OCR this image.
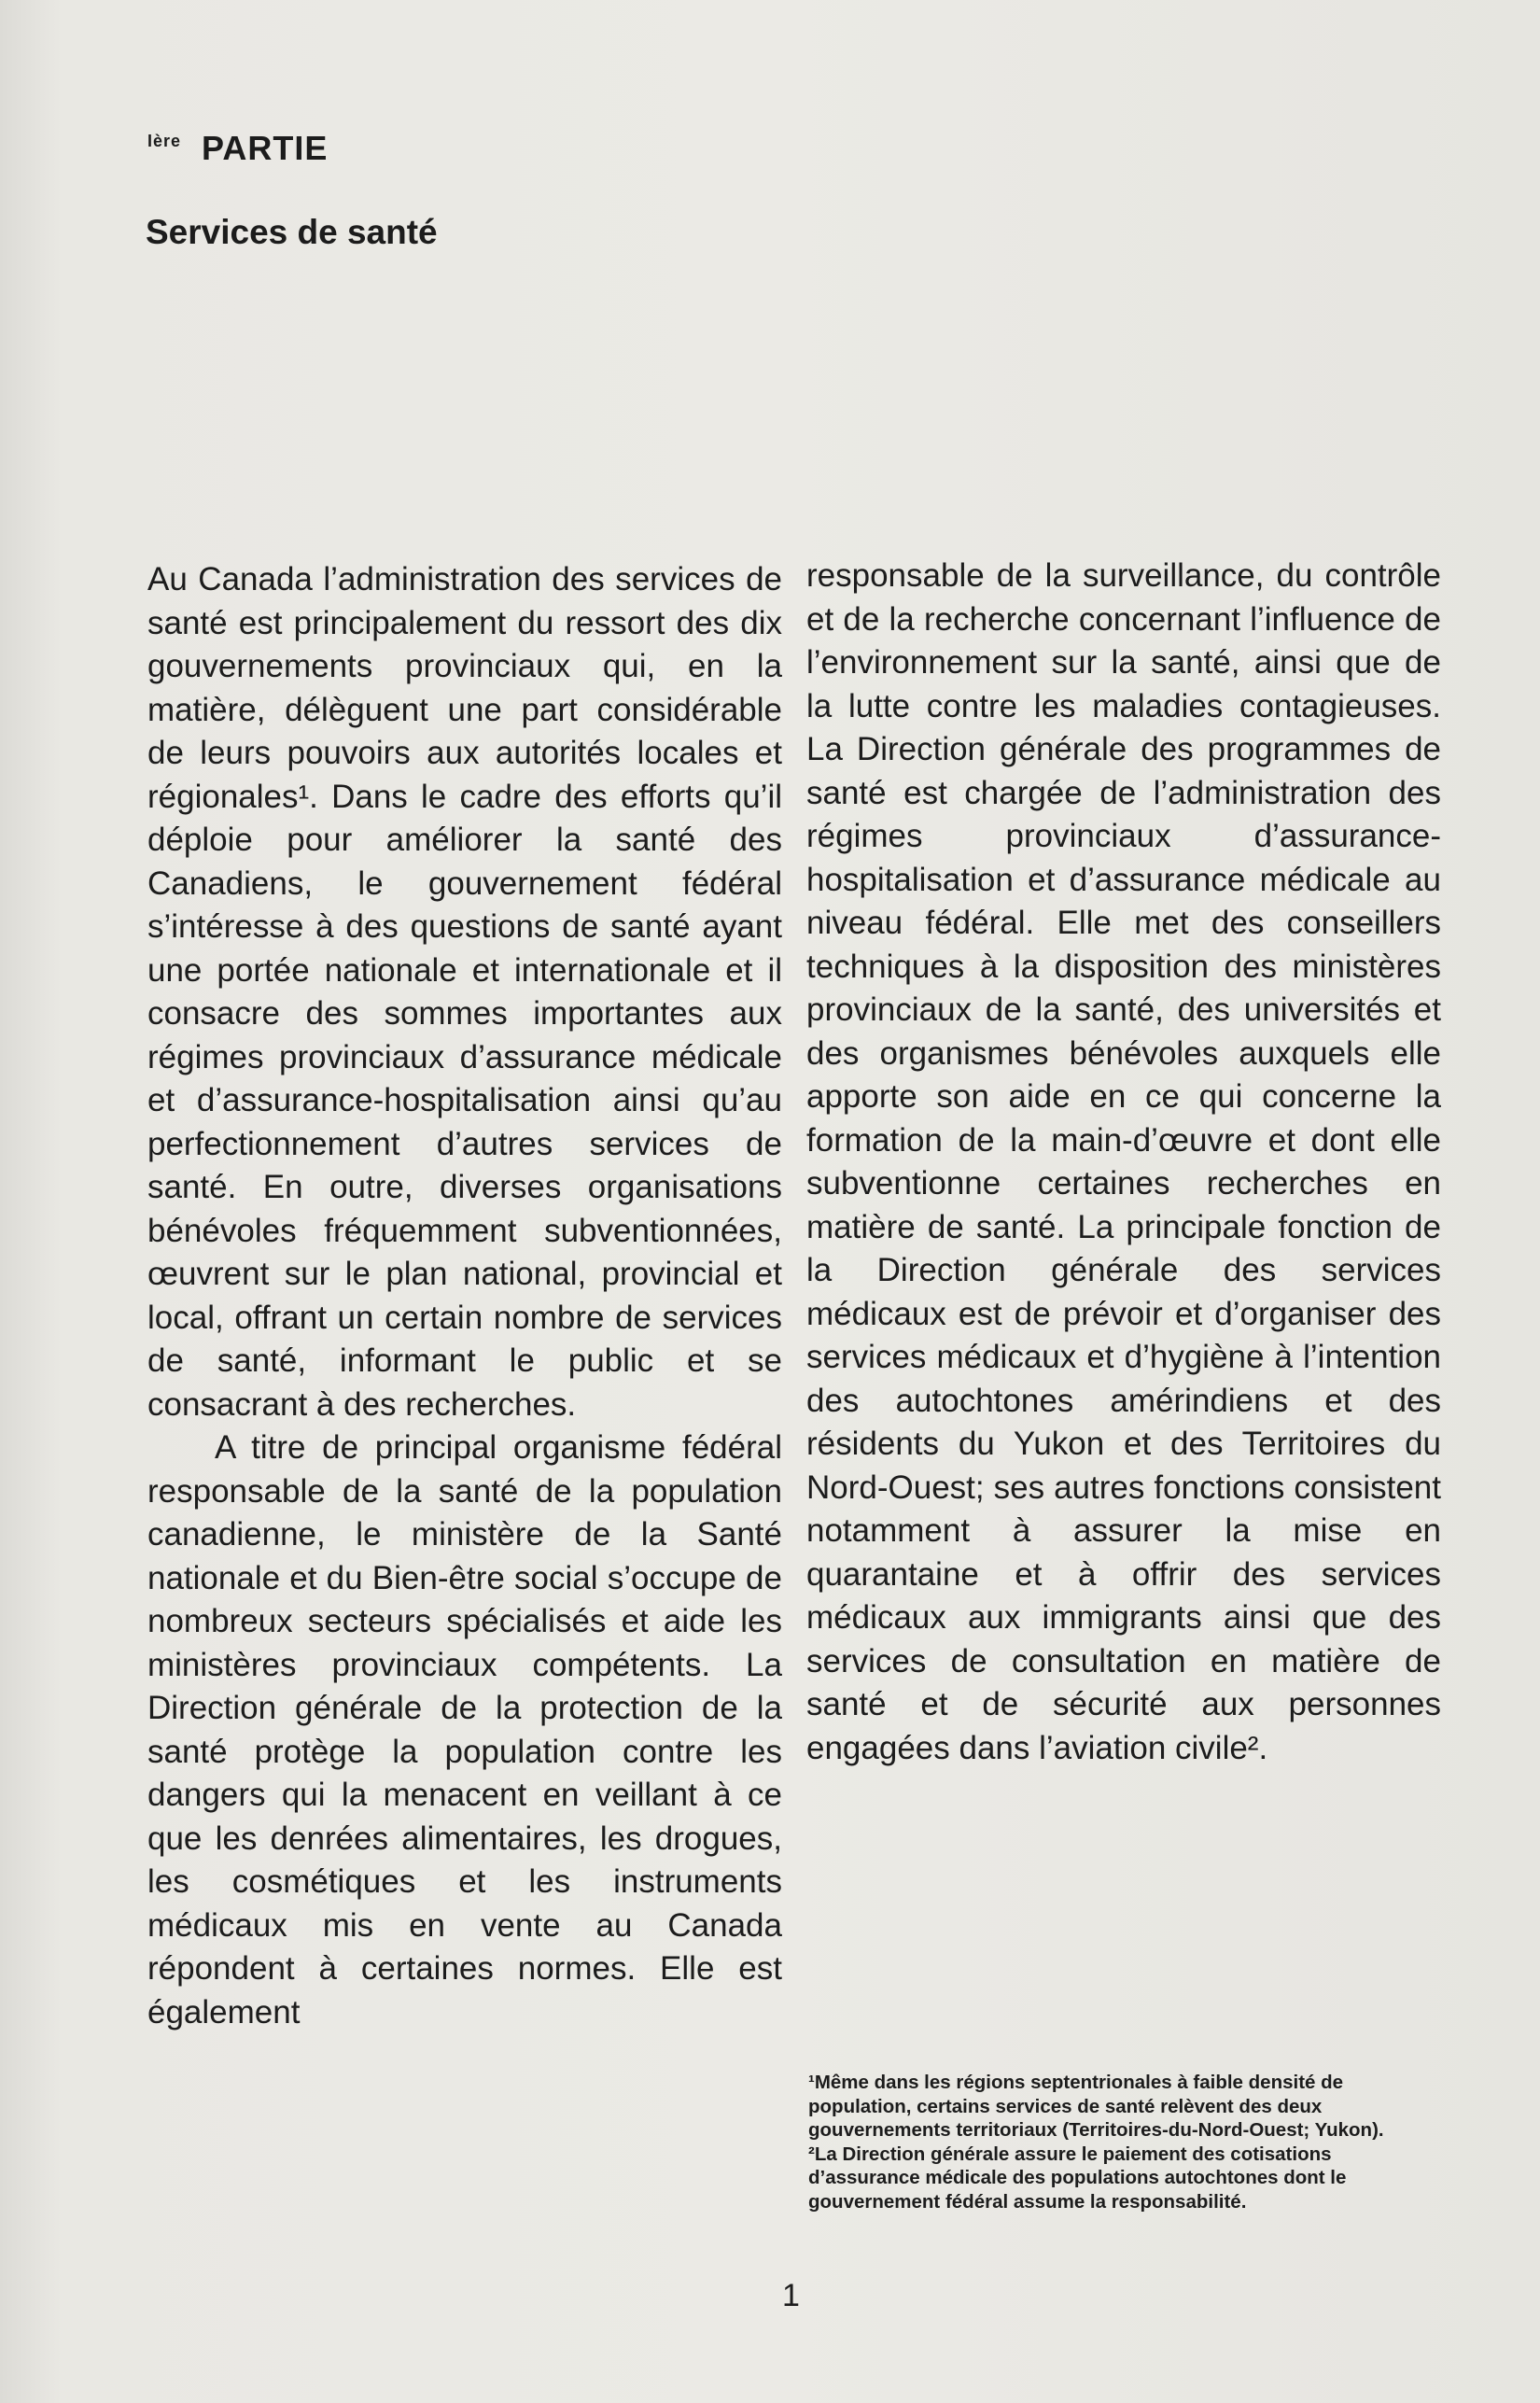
$^{Ière}$ PARTIE
Services de santé

Au Canada l’administration des services de santé est principalement du ressort des dix gouvernements provinciaux qui, en la matière, délèguent une part considérable de leurs pouvoirs aux autorités locales et régionales¹. Dans le cadre des efforts qu’il déploie pour améliorer la santé des Canadiens, le gouvernement fédéral s’intéresse à des questions de santé ayant une portée nationale et internationale et il consacre des sommes importantes aux régimes provinciaux d’assurance médicale et d’assurance-hospitalisation ainsi qu’au perfectionnement d’autres services de santé. En outre, diverses organisations bénévoles fréquemment subventionnées, œuvrent sur le plan national, provincial et local, offrant un certain nombre de services de santé, informant le public et se consacrant à des recherches.

A titre de principal organisme fédéral responsable de la santé de la population canadienne, le ministère de la Santé nationale et du Bien-être social s’occupe de nombreux secteurs spécialisés et aide les ministères provinciaux compétents. La Direction générale de la protection de la santé protège la population contre les dangers qui la menacent en veillant à ce que les denrées alimentaires, les drogues, les cosmétiques et les instruments médicaux mis en vente au Canada répondent à certaines normes. Elle est également

responsable de la surveillance, du contrôle et de la recherche concernant l’influence de l’environnement sur la santé, ainsi que de la lutte contre les maladies contagieuses. La Direction générale des programmes de santé est chargée de l’administration des régimes provinciaux d’assurance-hospitalisation et d’assurance médicale au niveau fédéral. Elle met des conseillers techniques à la disposition des ministères provinciaux de la santé, des universités et des organismes bénévoles auxquels elle apporte son aide en ce qui concerne la formation de la main-d’œuvre et dont elle subventionne certaines recherches en matière de santé. La principale fonction de la Direction générale des services médicaux est de prévoir et d’organiser des services médicaux et d’hygiène à l’intention des autochtones amérindiens et des résidents du Yukon et des Territoires du Nord-Ouest; ses autres fonctions consistent notamment à assurer la mise en quarantaine et à offrir des services médicaux aux immigrants ainsi que des services de consultation en matière de santé et de sécurité aux personnes engagées dans l’aviation civile².

¹Même dans les régions septentrionales à faible densité de population, certains services de santé relèvent des deux gouvernements territoriaux (Territoires-du-Nord-Ouest; Yukon).

²La Direction générale assure le paiement des cotisations d’assurance médicale des populations autochtones dont le gouvernement fédéral assume la responsabilité.

1
